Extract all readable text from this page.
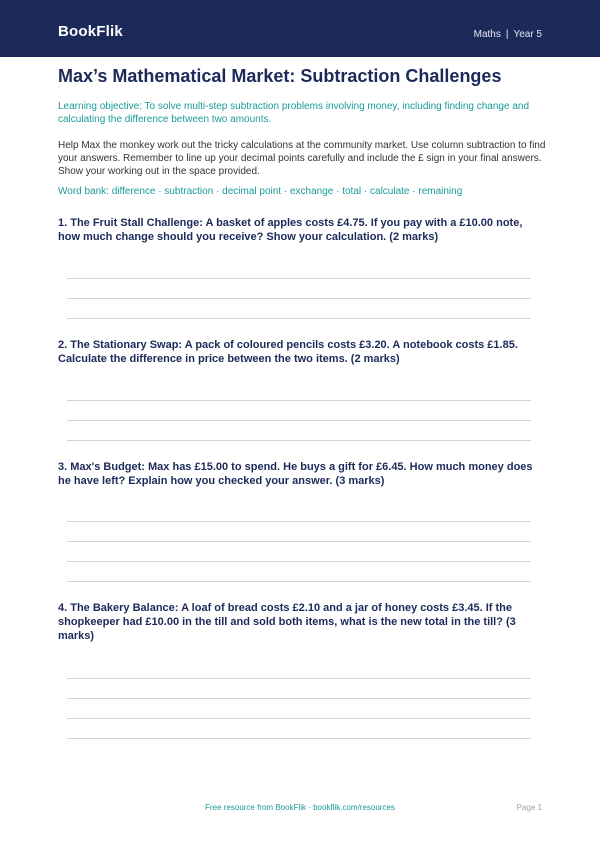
BookFlik	Maths | Year 5
Max’s Mathematical Market: Subtraction Challenges
Learning objective: To solve multi-step subtraction problems involving money, including finding change and calculating the difference between two amounts.
Help Max the monkey work out the tricky calculations at the community market. Use column subtraction to find your answers. Remember to line up your decimal points carefully and include the £ sign in your final answers. Show your working out in the space provided.
Word bank: difference · subtraction · decimal point · exchange · total · calculate · remaining
1. The Fruit Stall Challenge: A basket of apples costs £4.75. If you pay with a £10.00 note, how much change should you receive? Show your calculation. (2 marks)
2. The Stationary Swap: A pack of coloured pencils costs £3.20. A notebook costs £1.85. Calculate the difference in price between the two items. (2 marks)
3. Max's Budget: Max has £15.00 to spend. He buys a gift for £6.45. How much money does he have left? Explain how you checked your answer. (3 marks)
4. The Bakery Balance: A loaf of bread costs £2.10 and a jar of honey costs £3.45. If the shopkeeper had £10.00 in the till and sold both items, what is the new total in the till? (3 marks)
Free resource from BookFlik · bookflik.com/resources	Page 1
